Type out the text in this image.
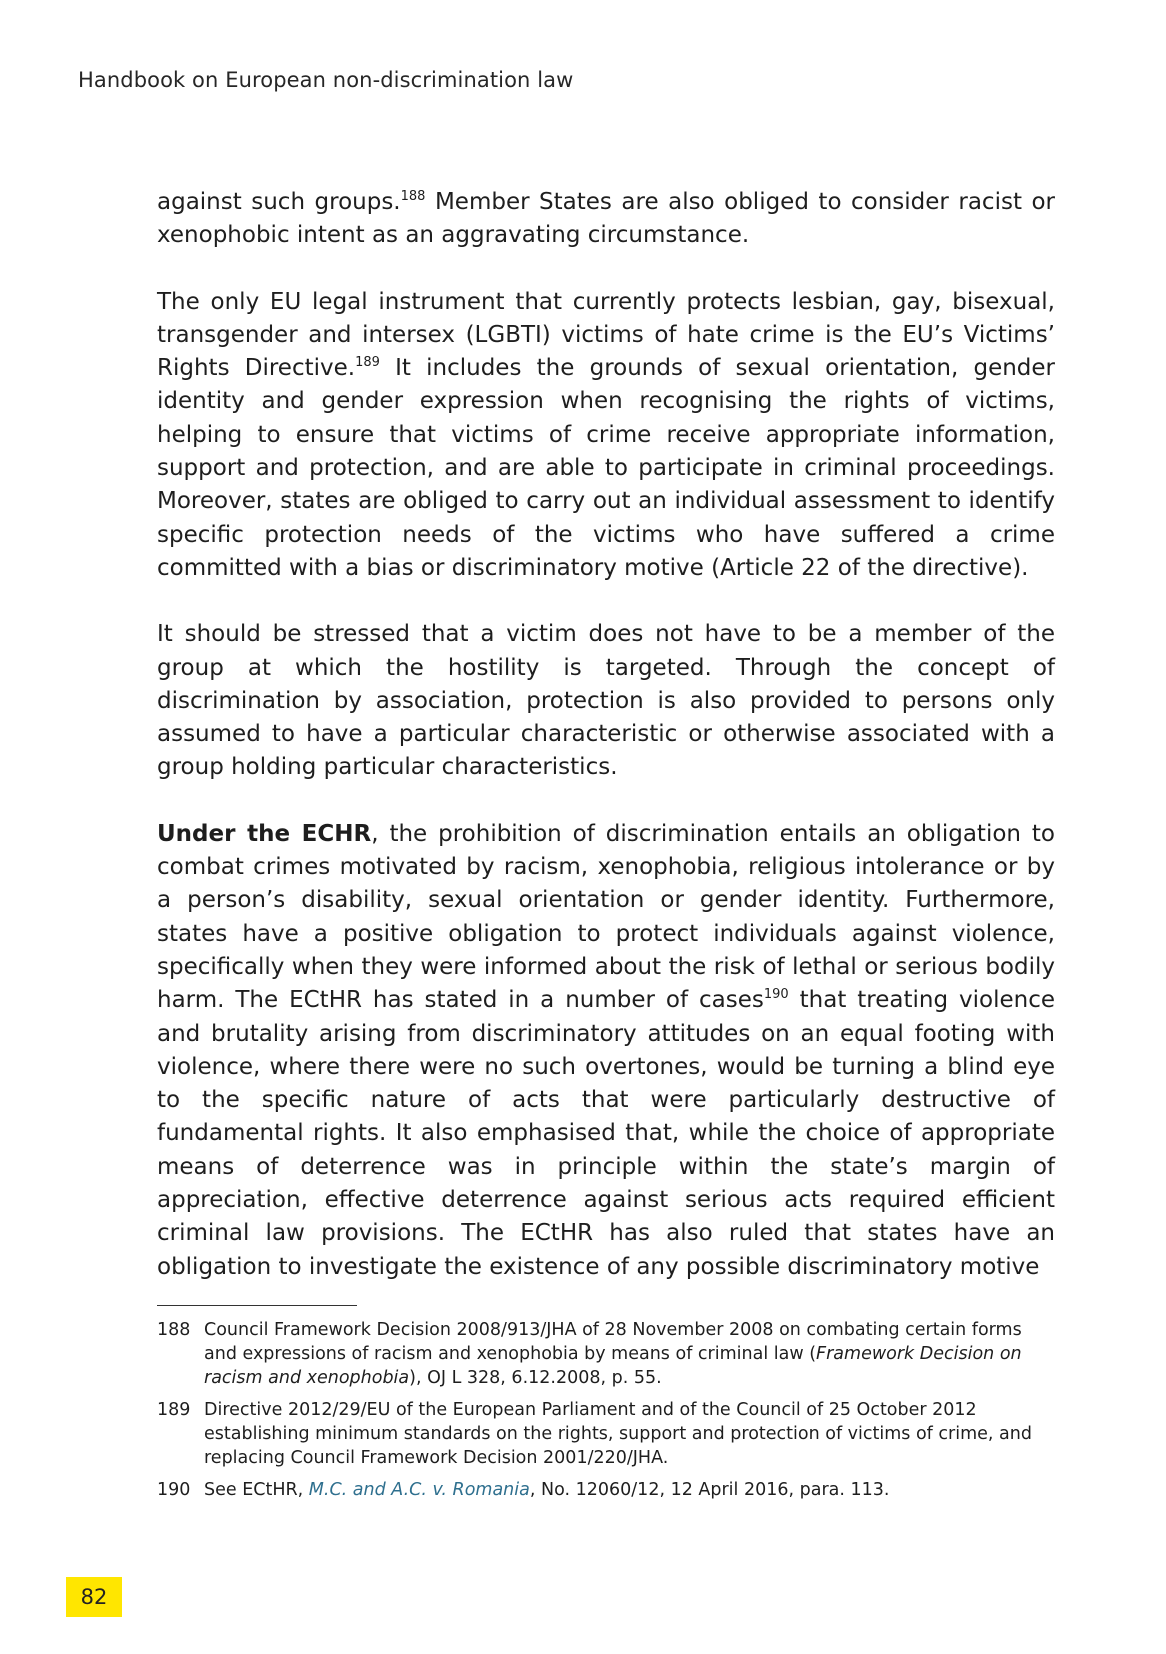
Handbook on European non-discrimination law

against such groups.$^{188}$ Member States are also obliged to consider racist or xenophobic intent as an aggravating circumstance.

The only EU legal instrument that currently protects lesbian, gay, bisexual, transgender and intersex (LGBTI) victims of hate crime is the EU’s Victims’ Rights Directive.$^{189}$ It includes the grounds of sexual orientation, gender identity and gender expression when recognising the rights of victims, helping to ensure that victims of crime receive appropriate information, support and protection, and are able to participate in criminal proceedings. Moreover, states are obliged to carry out an individual assessment to identify specific protection needs of the victims who have suffered a crime committed with a bias or discriminatory motive (Article 22 of the directive).

It should be stressed that a victim does not have to be a member of the group at which the hostility is targeted. Through the concept of discrimination by association, protection is also provided to persons only assumed to have a particular characteristic or otherwise associated with a group holding particular characteristics.

Under the ECHR, the prohibition of discrimination entails an obligation to combat crimes motivated by racism, xenophobia, religious intolerance or by a person’s disability, sexual orientation or gender identity. Furthermore, states have a positive obligation to protect individuals against violence, specifically when they were informed about the risk of lethal or serious bodily harm. The ECtHR has stated in a number of cases$^{190}$ that treating violence and brutality arising from discriminatory attitudes on an equal footing with violence, where there were no such overtones, would be turning a blind eye to the specific nature of acts that were particularly destructive of fundamental rights. It also emphasised that, while the choice of appropriate means of deterrence was in principle within the state’s margin of appreciation, effective deterrence against serious acts required efficient criminal law provisions. The ECtHR has also ruled that states have an obligation to investigate the existence of any possible discriminatory motive

188 Council Framework Decision 2008/913/JHA of 28 November 2008 on combating certain forms and expressions of racism and xenophobia by means of criminal law (Framework Decision on racism and xenophobia), OJ L 328, 6.12.2008, p. 55.
189 Directive 2012/29/EU of the European Parliament and of the Council of 25 October 2012 establishing minimum standards on the rights, support and protection of victims of crime, and replacing Council Framework Decision 2001/220/JHA.
190 See ECtHR, M.C. and A.C. v. Romania, No. 12060/12, 12 April 2016, para. 113.
82
